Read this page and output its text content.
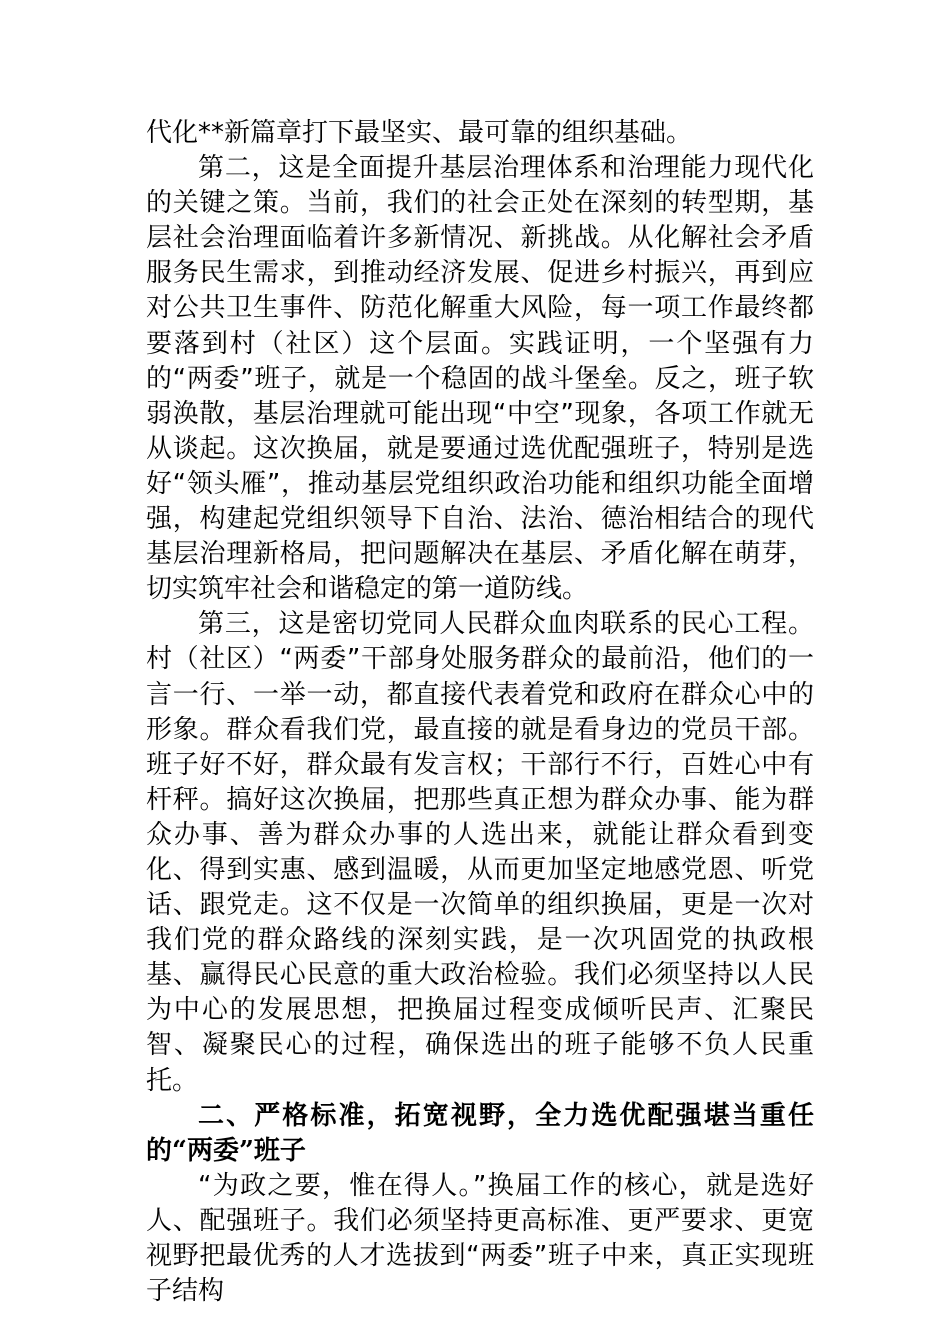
代化**新篇章打下最坚实、最可靠的组织基础。

第二，这是全面提升基层治理体系和治理能力现代化的关键之策。当前，我们的社会正处在深刻的转型期，基层社会治理面临着许多新情况、新挑战。从化解社会矛盾服务民生需求，到推动经济发展、促进乡村振兴，再到应对公共卫生事件、防范化解重大风险，每一项工作最终都要落到村（社区）这个层面。实践证明，一个坚强有力的“两委”班子，就是一个稳固的战斗堡垒。反之，班子软弱涣散，基层治理就可能出现“中空”现象，各项工作就无从谈起。这次换届，就是要通过选优配强班子，特别是选好“领头雁”，推动基层党组织政治功能和组织功能全面增强，构建起党组织领导下自治、法治、德治相结合的现代基层治理新格局，把问题解决在基层、矛盾化解在萌芽，切实筑牢社会和谐稳定的第一道防线。

第三，这是密切党同人民群众血肉联系的民心工程。村（社区）“两委”干部身处服务群众的最前沿，他们的一言一行、一举一动，都直接代表着党和政府在群众心中的形象。群众看我们党，最直接的就是看身边的党员干部。班子好不好，群众最有发言权；干部行不行，百姓心中有杆秤。搞好这次换届，把那些真正想为群众办事、能为群众办事、善为群众办事的人选出来，就能让群众看到变化、得到实惠、感到温暖，从而更加坚定地感党恩、听党话、跟党走。这不仅是一次简单的组织换届，更是一次对我们党的群众路线的深刻实践，是一次巩固党的执政根基、赢得民心民意的重大政治检验。我们必须坚持以人民为中心的发展思想，把换届过程变成倾听民声、汇聚民智、凝聚民心的过程，确保选出的班子能够不负人民重托。

二、严格标准，拓宽视野，全力选优配强堪当重任的“两委”班子

“为政之要，惟在得人。”换届工作的核心，就是选好人、配强班子。我们必须坚持更高标准、更严要求、更宽视野把最优秀的人才选拔到“两委”班子中来，真正实现班子结构
